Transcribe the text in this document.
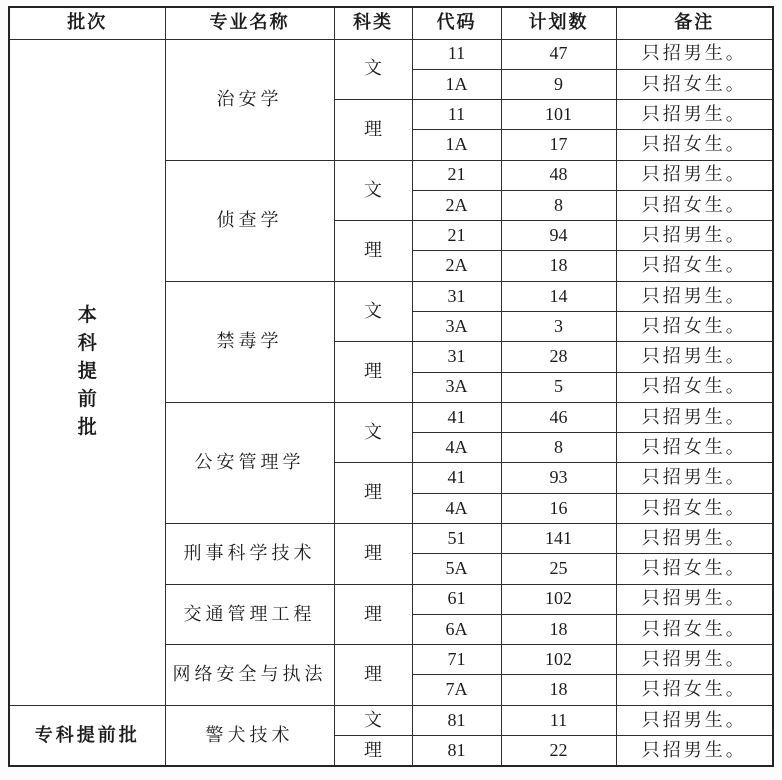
批次	专业名称	科类	代码	计划数	备注

本科提前批	治安学	文	11	47	只招男生。
			1A	9	只招女生。
		理	11	101	只招男生。
			1A	17	只招女生。
	侦查学	文	21	48	只招男生。
			2A	8	只招女生。
		理	21	94	只招男生。
			2A	18	只招女生。
	禁毒学	文	31	14	只招男生。
			3A	3	只招女生。
		理	31	28	只招男生。
			3A	5	只招女生。
	公安管理学	文	41	46	只招男生。
			4A	8	只招女生。
		理	41	93	只招男生。
			4A	16	只招女生。
	刑事科学技术	理	51	141	只招男生。
			5A	25	只招女生。
	交通管理工程	理	61	102	只招男生。
			6A	18	只招女生。
	网络安全与执法	理	71	102	只招男生。
			7A	18	只招女生。
专科提前批	警犬技术	文	81	11	只招男生。
		理	81	22	只招男生。
